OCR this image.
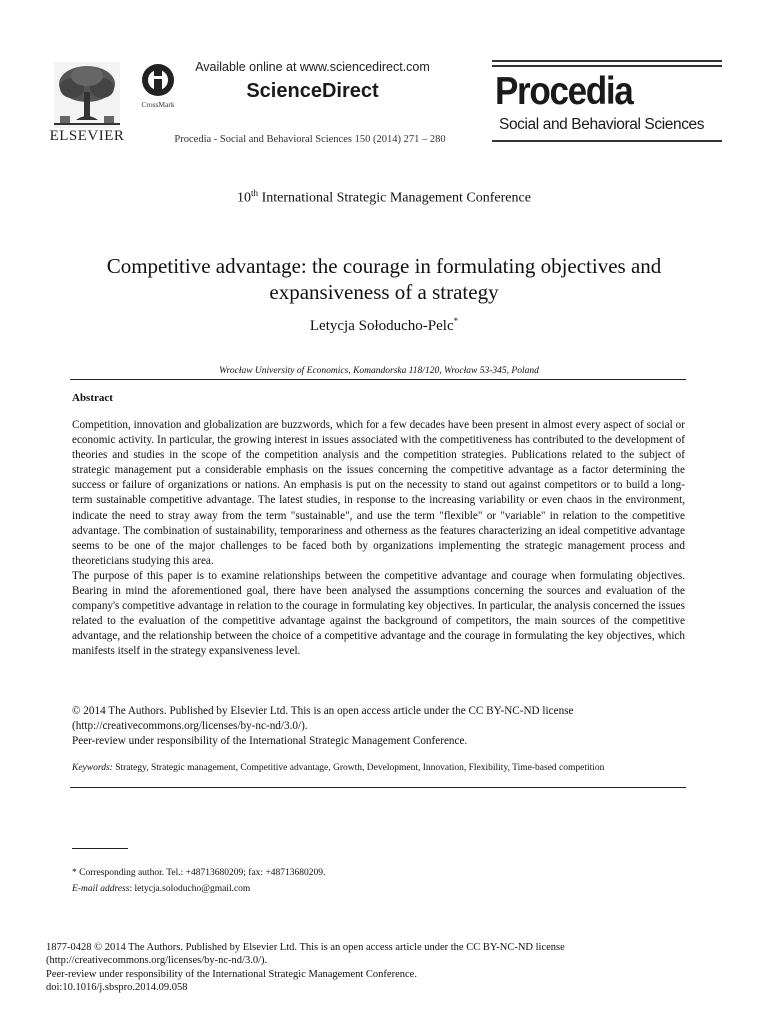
ELSEVIER
CrossMark
Available online at www.sciencedirect.com
ScienceDirect
Procedia - Social and Behavioral Sciences 150 (2014) 271 – 280
Procedia
Social and Behavioral Sciences
10th International Strategic Management Conference
Competitive advantage: the courage in formulating objectives and expansiveness of a strategy
Letycja Sołoducho-Pelc*
Wrocław University of Economics, Komandorska 118/120, Wrocław 53-345, Poland
Abstract

Competition, innovation and globalization are buzzwords, which for a few decades have been present in almost every aspect of social or economic activity. In particular, the growing interest in issues associated with the competitiveness has contributed to the development of theories and studies in the scope of the competition analysis and the competition strategies. Publications related to the subject of strategic management put a considerable emphasis on the issues concerning the competitive advantage as a factor determining the success or failure of organizations or nations. An emphasis is put on the necessity to stand out against competitors or to build a long-term sustainable competitive advantage. The latest studies, in response to the increasing variability or even chaos in the environment, indicate the need to stray away from the term "sustainable", and use the term "flexible" or "variable" in relation to the competitive advantage. The combination of sustainability, temporariness and otherness as the features characterizing an ideal competitive advantage seems to be one of the major challenges to be faced both by organizations implementing the strategic management process and theoreticians studying this area.

The purpose of this paper is to examine relationships between the competitive advantage and courage when formulating objectives. Bearing in mind the aforementioned goal, there have been analysed the assumptions concerning the sources and evaluation of the company's competitive advantage in relation to the courage in formulating key objectives. In particular, the analysis concerned the issues related to the evaluation of the competitive advantage against the background of competitors, the main sources of the competitive advantage, and the relationship between the choice of a competitive advantage and the courage in formulating the key objectives, which manifests itself in the strategy expansiveness level.

© 2014 The Authors. Published by Elsevier Ltd. This is an open access article under the CC BY-NC-ND license

(http://creativecommons.org/licenses/by-nc-nd/3.0/).

Peer-review under responsibility of the International Strategic Management Conference.

Keywords: Strategy, Strategic management, Competitive advantage, Growth, Development, Innovation, Flexibility, Time-based competition

* Corresponding author. Tel.: +48713680209; fax: +48713680209.

E-mail address: letycja.soloducho@gmail.com

1877-0428 © 2014 The Authors. Published by Elsevier Ltd. This is an open access article under the CC BY-NC-ND license

(http://creativecommons.org/licenses/by-nc-nd/3.0/).

Peer-review under responsibility of the International Strategic Management Conference.

doi:10.1016/j.sbspro.2014.09.058
